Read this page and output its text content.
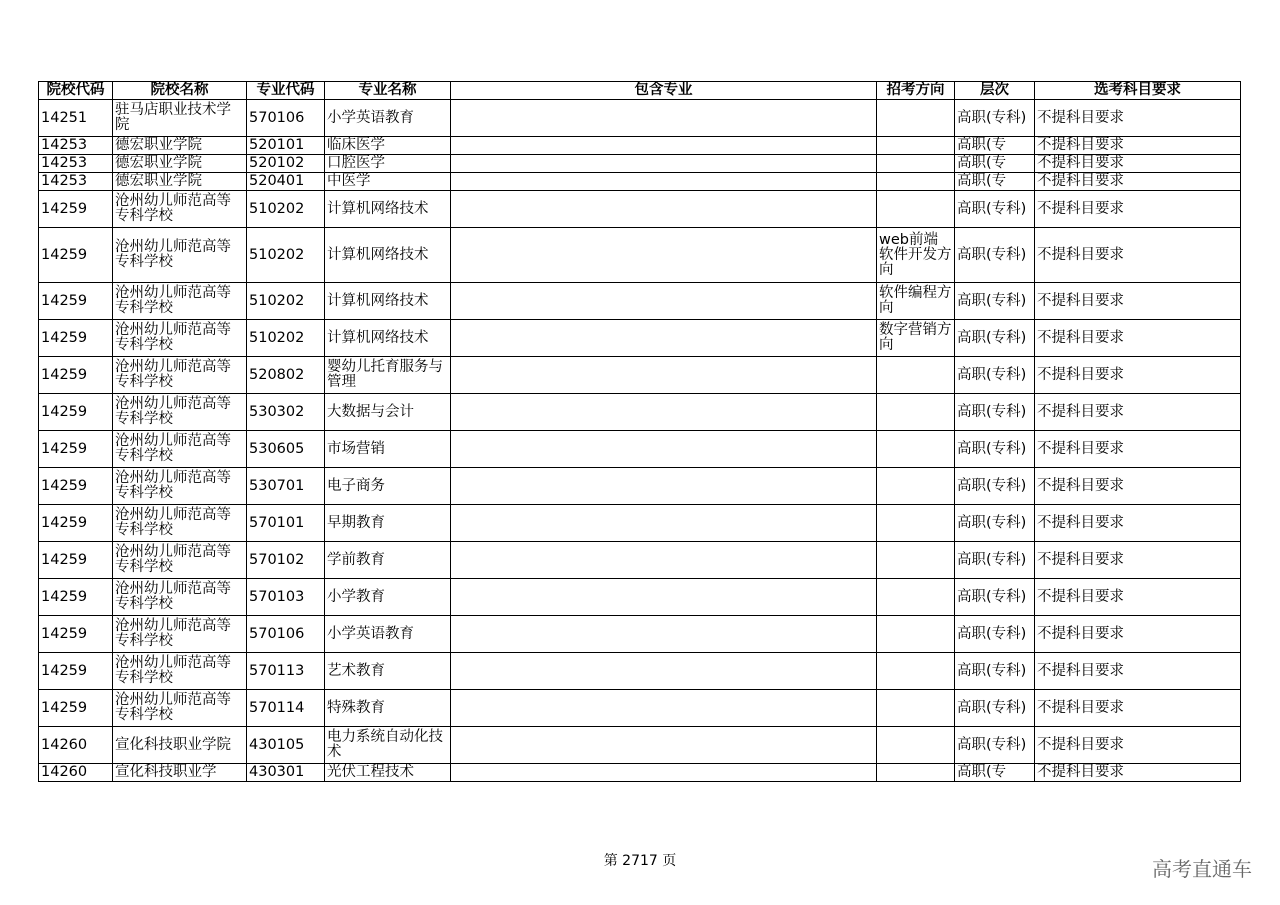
院校代码	院校名称	专业代码	专业名称	包含专业	招考方向	层次	选考科目要求
14251	驻马店职业技术学院	570106	小学英语教育			高职(专科)	不提科目要求
14253	德宏职业学院	520101	临床医学			高职(专	不提科目要求
14253	德宏职业学院	520102	口腔医学			高职(专	不提科目要求
14253	德宏职业学院	520401	中医学			高职(专	不提科目要求
14259	沧州幼儿师范高等专科学校	510202	计算机网络技术			高职(专科)	不提科目要求
14259	沧州幼儿师范高等专科学校	510202	计算机网络技术		web前端软件开发方向	高职(专科)	不提科目要求
14259	沧州幼儿师范高等专科学校	510202	计算机网络技术		软件编程方向	高职(专科)	不提科目要求
14259	沧州幼儿师范高等专科学校	510202	计算机网络技术		数字营销方向	高职(专科)	不提科目要求
14259	沧州幼儿师范高等专科学校	520802	婴幼儿托育服务与管理			高职(专科)	不提科目要求
14259	沧州幼儿师范高等专科学校	530302	大数据与会计			高职(专科)	不提科目要求
14259	沧州幼儿师范高等专科学校	530605	市场营销			高职(专科)	不提科目要求
14259	沧州幼儿师范高等专科学校	530701	电子商务			高职(专科)	不提科目要求
14259	沧州幼儿师范高等专科学校	570101	早期教育			高职(专科)	不提科目要求
14259	沧州幼儿师范高等专科学校	570102	学前教育			高职(专科)	不提科目要求
14259	沧州幼儿师范高等专科学校	570103	小学教育			高职(专科)	不提科目要求
14259	沧州幼儿师范高等专科学校	570106	小学英语教育			高职(专科)	不提科目要求
14259	沧州幼儿师范高等专科学校	570113	艺术教育			高职(专科)	不提科目要求
14259	沧州幼儿师范高等专科学校	570114	特殊教育			高职(专科)	不提科目要求
14260	宣化科技职业学院	430105	电力系统自动化技术			高职(专科)	不提科目要求
14260	宣化科技职业学	430301	光伏工程技术			高职(专	不提科目要求
第 2717 页	高考直通车
